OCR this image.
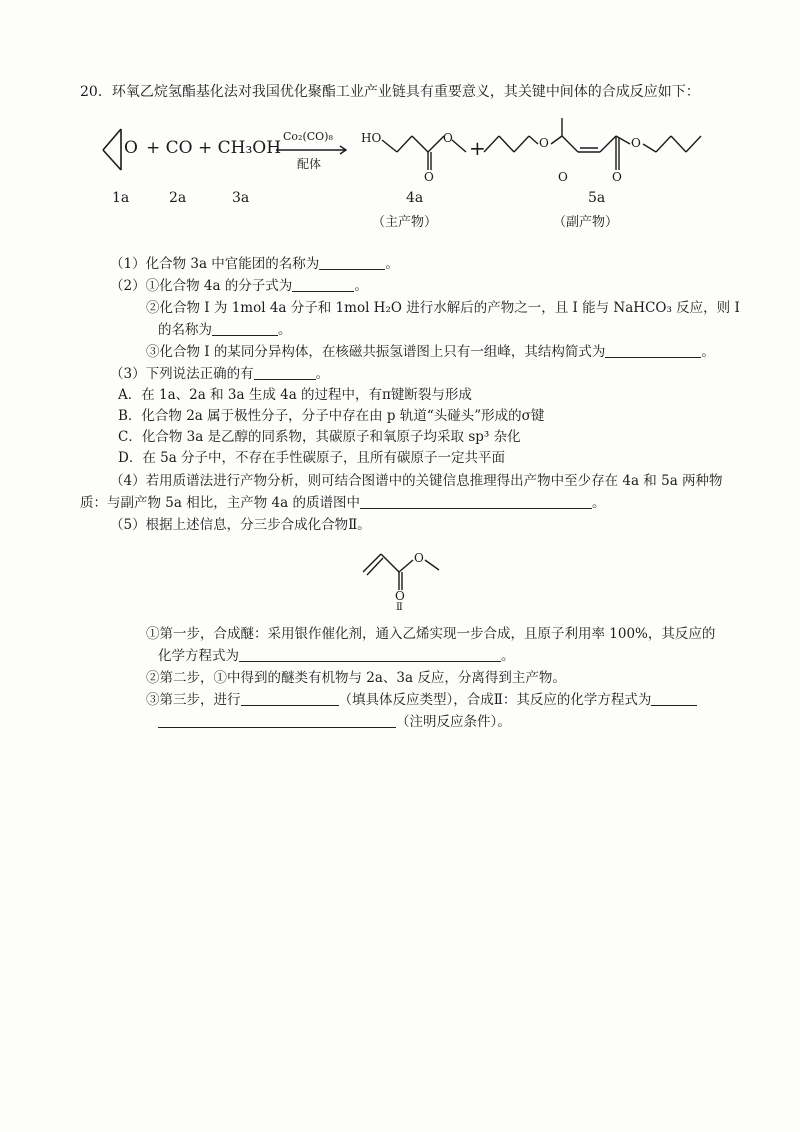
20．环氧乙烷氢酯基化法对我国优化聚酯工业产业链具有重要意义，其关键中间体的合成反应如下：
O + CO + CH₃OH
Co₂(CO)₈
配体
HO	O
O
+	O
O
O
O
1a	2a	3a	4a	5a
（主产物）	（副产物）
（1）化合物 3a 中官能团的名称为	。
（2）①化合物 4a 的分子式为	。
②化合物 I 为 1mol 4a 分子和 1mol H₂O 进行水解后的产物之一，且 I 能与 NaHCO₃ 反应，则 I
的名称为	。
③化合物 I 的某同分异构体，在核磁共振氢谱图上只有一组峰，其结构简式为	。
（3）下列说法正确的有	。
A．在 1a、2a 和 3a 生成 4a 的过程中，有π键断裂与形成
B．化合物 2a 属于极性分子，分子中存在由 p 轨道“头碰头”形成的σ键
C．化合物 3a 是乙醇的同系物，其碳原子和氧原子均采取 sp³ 杂化
D．在 5a 分子中，不存在手性碳原子，且所有碳原子一定共平面
（4）若用质谱法进行产物分析，则可结合图谱中的关键信息推理得出产物中至少存在 4a 和 5a 两种物
质：与副产物 5a 相比，主产物 4a 的质谱图中	。
（5）根据上述信息，分三步合成化合物Ⅱ。
O
O
Ⅱ
①第一步，合成醚：采用银作催化剂，通入乙烯实现一步合成，且原子利用率 100%，其反应的
化学方程式为	。
②第二步，①中得到的醚类有机物与 2a、3a 反应，分离得到主产物。
③第三步，进行	（填具体反应类型），合成Ⅱ：其反应的化学方程式为
（注明反应条件）。
